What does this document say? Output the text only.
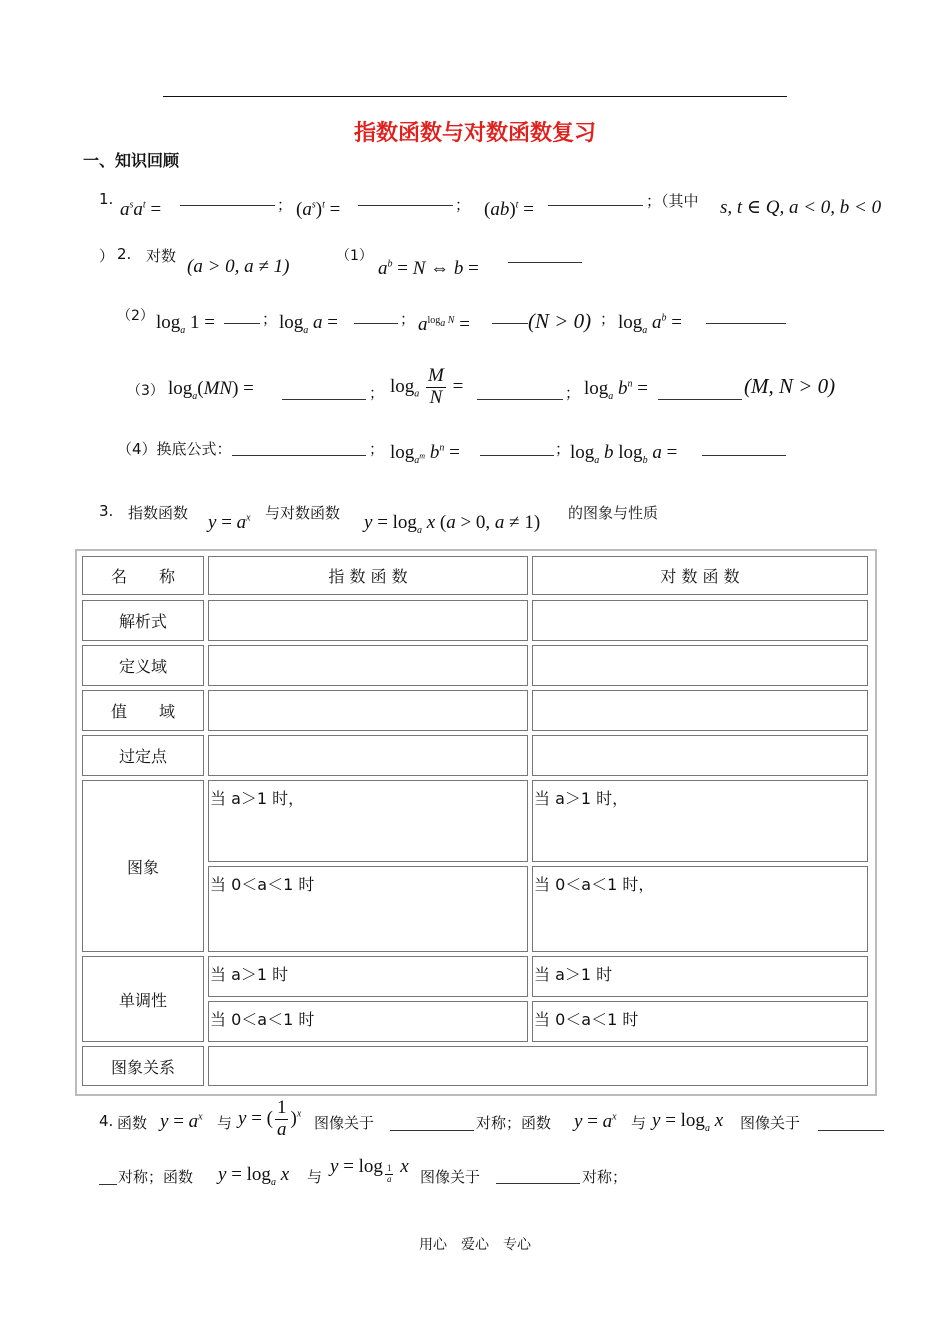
指数函数与对数函数复习
一、知识回顾
1. $a^sa^t$ =	； $(a^s)^t$ =	； (ab)$^t$ =	；（其中 s, t ∈ Q, a < 0, b < 0
） 2. 对数 (a > 0, a ≠ 1)	（1）
$a^b = N$ ⇔ b =
（2） $\log_a 1$ =	； $\log_a a$ =	； $a^{log_a N}$ =	(N > 0) ； $\log_a a^b$ =
（3） $\log_a(MN)$ =	； $\log_a \frac{M}{N}$ =	； $\log_a b^n$ =	(M, N > 0)
（4）换底公式：	； $\log_{a^m} b^n$ =	； $\log_a b$ $\log_b a$ =
3. 指数函数 $y = a^x$ 与对数函数 $y = \log_a x$ (a > 0, a ≠ 1) 的图象与性质
名　　称	指 数 函 数	对 数 函 数
解析式
定义域
值　　域
过定点
图象
当 a＞1 时，	当 a＞1 时，
当 0＜a＜1 时	当 0＜a＜1 时，
单调性
当 a＞1 时	当 a＞1 时
当 0＜a＜1 时	当 0＜a＜1 时
图象关系
4. 函数 $y = a^x$ 与 y = ( $\frac{1}{a} )^x$
图像关于	对称；函数 $y = a^x$ 与 $y = \log_a x$ 图像关于
对称；函数 $y = \log_a x$ 与 y = log $_{\frac{1}{a}}$ x 图像关于	对称；
用心　爱心　专心
